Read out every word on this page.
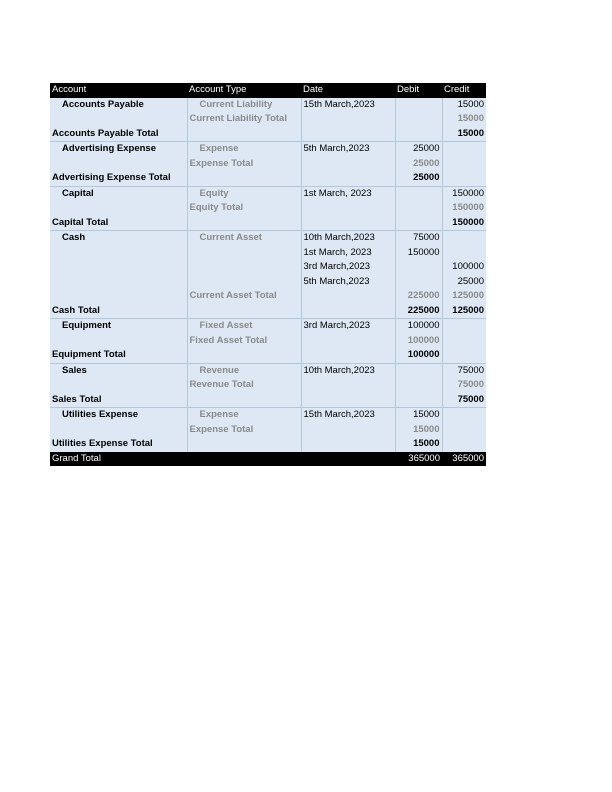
Account	Account Type	Date	Debit	Credit
Accounts Payable	Current Liability	15th March,2023		15000
	Current Liability Total			15000
Accounts Payable Total				15000
Advertising Expense	Expense	5th March,2023	25000	
	Expense Total		25000	
Advertising Expense Total			25000	
Capital	Equity	1st March, 2023		150000
	Equity Total			150000
Capital Total				150000
Cash	Current Asset	10th March,2023	75000	
		1st March, 2023	150000	
		3rd March,2023		100000
		5th March,2023		25000
	Current Asset Total		225000	125000
Cash Total			225000	125000
Equipment	Fixed Asset	3rd March,2023	100000	
	Fixed Asset Total		100000	
Equipment Total			100000	
Sales	Revenue	10th March,2023		75000
	Revenue Total			75000
Sales Total				75000
Utilities Expense	Expense	15th March,2023	15000	
	Expense Total		15000	
Utilities Expense Total			15000	
Grand Total			365000	365000
